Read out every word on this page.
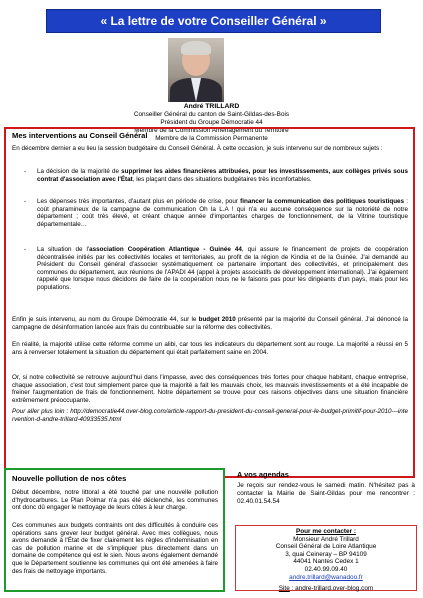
« La lettre de votre Conseiller Général »
André TRILLARD
Conseiller Général du canton de Saint-Gildas-des-Bois
Président du Groupe Démocratie 44
Membre de la Commission Aménagement du Territoire
Membre de la Commission Permanente
Mes interventions au Conseil Général
En décembre dernier a eu lieu la session budgétaire du Conseil Général. À cette occasion, je suis intervenu sur de nombreux sujets :
- La décision de la majorité de supprimer les aides financières attribuées, pour les investissements, aux collèges privés sous contrat d'association avec l'État, les plaçant dans des situations budgétaires très inconfortables.
- Les dépenses très importantes, d'autant plus en période de crise, pour financer la communication des politiques touristiques : coût pharamineux de la campagne de communication Oh la L.A ! qui n'a eu aucune conséquence sur la notoriété de notre département ; coût très élevé, et créant chaque année d'importantes charges de fonctionnement, de la Vitrine touristique départementale…
- La situation de l'association Coopération Atlantique - Guinée 44, qui assure le financement de projets de coopération décentralisée initiés par les collectivités locales et territoriales, au profit de la région de Kindia et de la Guinée. J'ai demandé au Président du Conseil général d'associer systématiquement ce partenaire important des collectivités, et principalement des communes du département, aux réunions de l'APADI 44 (appel à projets associatifs de développement international). J'ai également rappelé que lorsque nous décidons de faire de la coopération nous ne le faisons pas pour les dirigeants d'un pays, mais pour les populations.
Enfin je suis intervenu, au nom du Groupe Démocratie 44, sur le budget 2010 présenté par la majorité du Conseil général. J'ai dénoncé la campagne de désinformation lancée aux frais du contribuable sur la réforme des collectivités.
En réalité, la majorité utilise cette réforme comme un alibi, car tous les indicateurs du département sont au rouge. La majorité a réussi en 5 ans à renverser totalement la situation du département qui était parfaitement saine en 2004.
Or, si notre collectivité se retrouve aujourd'hui dans l'impasse, avec des conséquences très fortes pour chaque habitant, chaque entreprise, chaque association, c'est tout simplement parce que la majorité a fait les mauvais choix, les mauvais investissements et a été incapable de freiner l'augmentation de frais de fonctionnement. Notre département se trouve pour ces raisons objectives dans une situation financière extrêmement préoccupante.
Pour aller plus loin : http://democratie44.over-blog.com/article-rapport-du-president-du-conseil-general-pour-le-budget-primitif-pour-2010---intervention-d-andre-trillard-40933535.html
Nouvelle pollution de nos côtes
Début décembre, notre littoral a été touché par une nouvelle pollution d'hydrocarbures. Le Plan Polmar n'a pas été déclenché, les communes ont donc dû engager le nettoyage de leurs côtes à leur charge.
Ces communes aux budgets contraints ont des difficultés à conduire ces opérations sans grever leur budget général. Avec mes collègues, nous avons demandé à l'État de fixer clairement les règles d'indemnisation en cas de pollution marine et de s'impliquer plus directement dans un domaine de compétence qui est le sien. Nous avons également demandé que le Département soutienne les communes qui ont été amenées à faire des frais de nettoyage importants.
A vos agendas
Je reçois sur rendez-vous le samedi matin. N'hésitez pas à contacter la Mairie de Saint-Gildas pour me rencontrer : 02.40.01.54.54
Pour me contacter :
Monsieur André Trillard
Conseil Général de Loire Atlantique
3, quai Ceineray – BP 94109
44041 Nantes Cedex 1
02.40.99.09.40
andre.trillard@wanadoo.fr
Site : andre-trillard.over-blog.com
